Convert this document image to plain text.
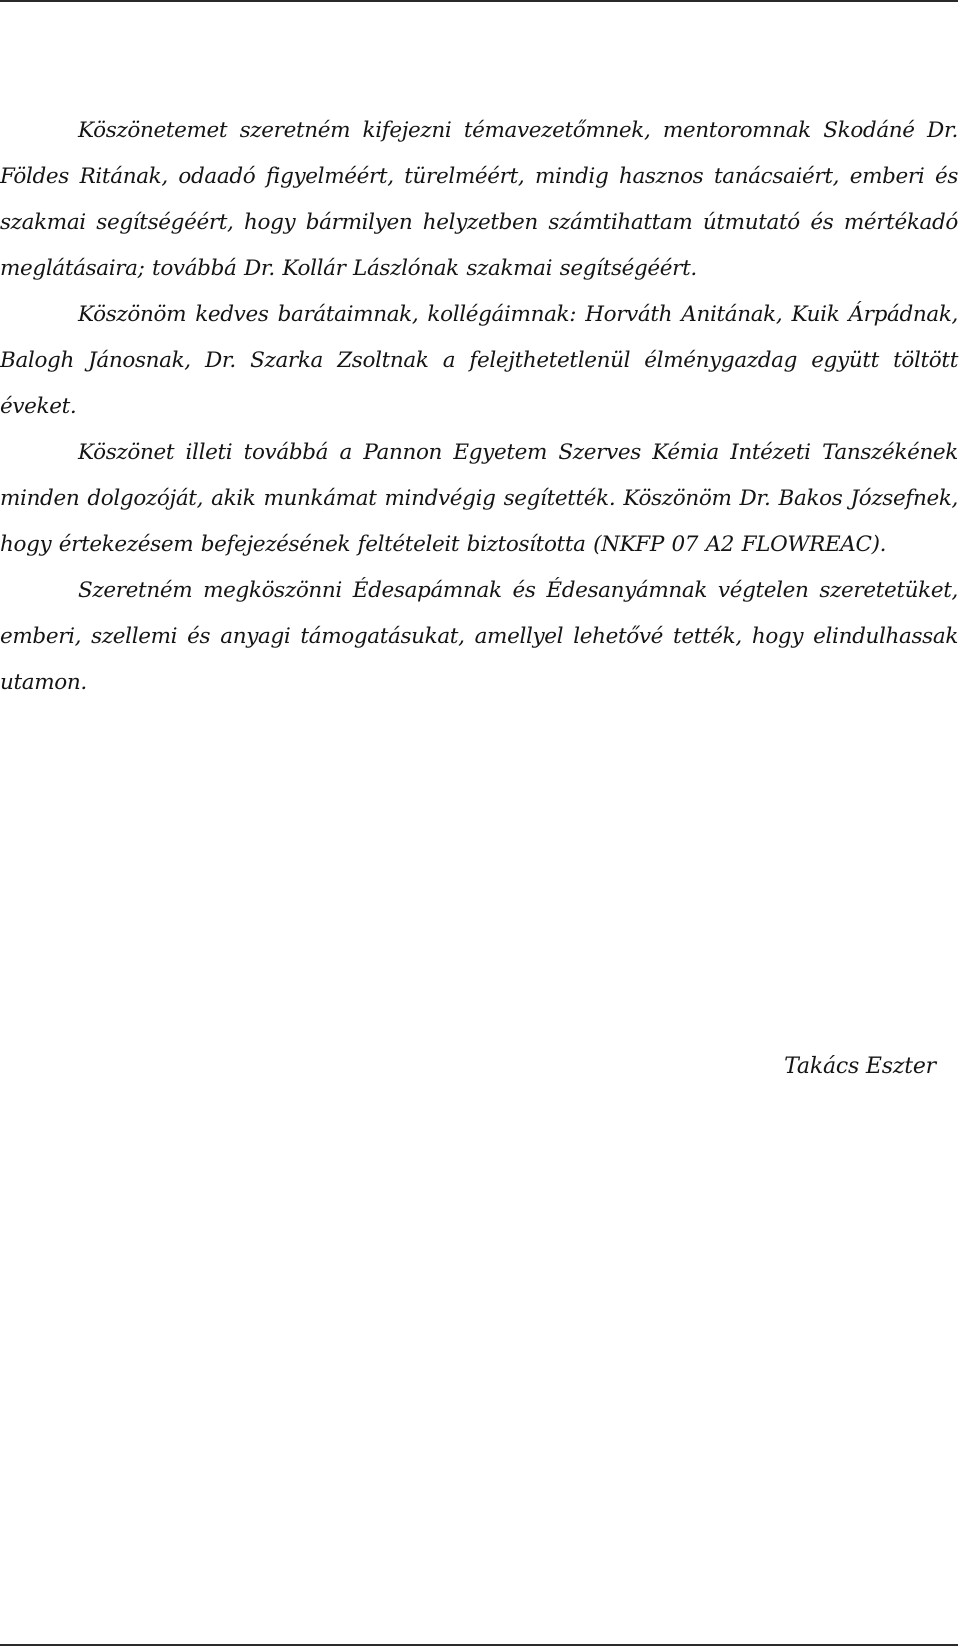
Köszönetemet szeretném kifejezni témavezetőmnek, mentoromnak Skodáné Dr. Földes Ritának, odaadó figyelméért, türelméért, mindig hasznos tanácsaiért, emberi és szakmai segítségéért, hogy bármilyen helyzetben számtihattam útmutató és mértékadó meglátásaira; továbbá Dr. Kollár Lászlónak szakmai segítségéért.

Köszönöm kedves barátaimnak, kollégáimnak: Horváth Anitának, Kuik Árpádnak, Balogh Jánosnak, Dr. Szarka Zsoltnak a felejthetetlenül élménygazdag együtt töltött éveket.

Köszönet illeti továbbá a Pannon Egyetem Szerves Kémia Intézeti Tanszékének minden dolgozóját, akik munkámat mindvégig segítették. Köszönöm Dr. Bakos Józsefnek, hogy értekezésem befejezésének feltételeit biztosította (NKFP 07 A2 FLOWREAC).

Szeretném megköszönni Édesapámnak és Édesanyámnak végtelen szeretetüket, emberi, szellemi és anyagi támogatásukat, amellyel lehetővé tették, hogy elindulhassak utamon.

Takács Eszter
